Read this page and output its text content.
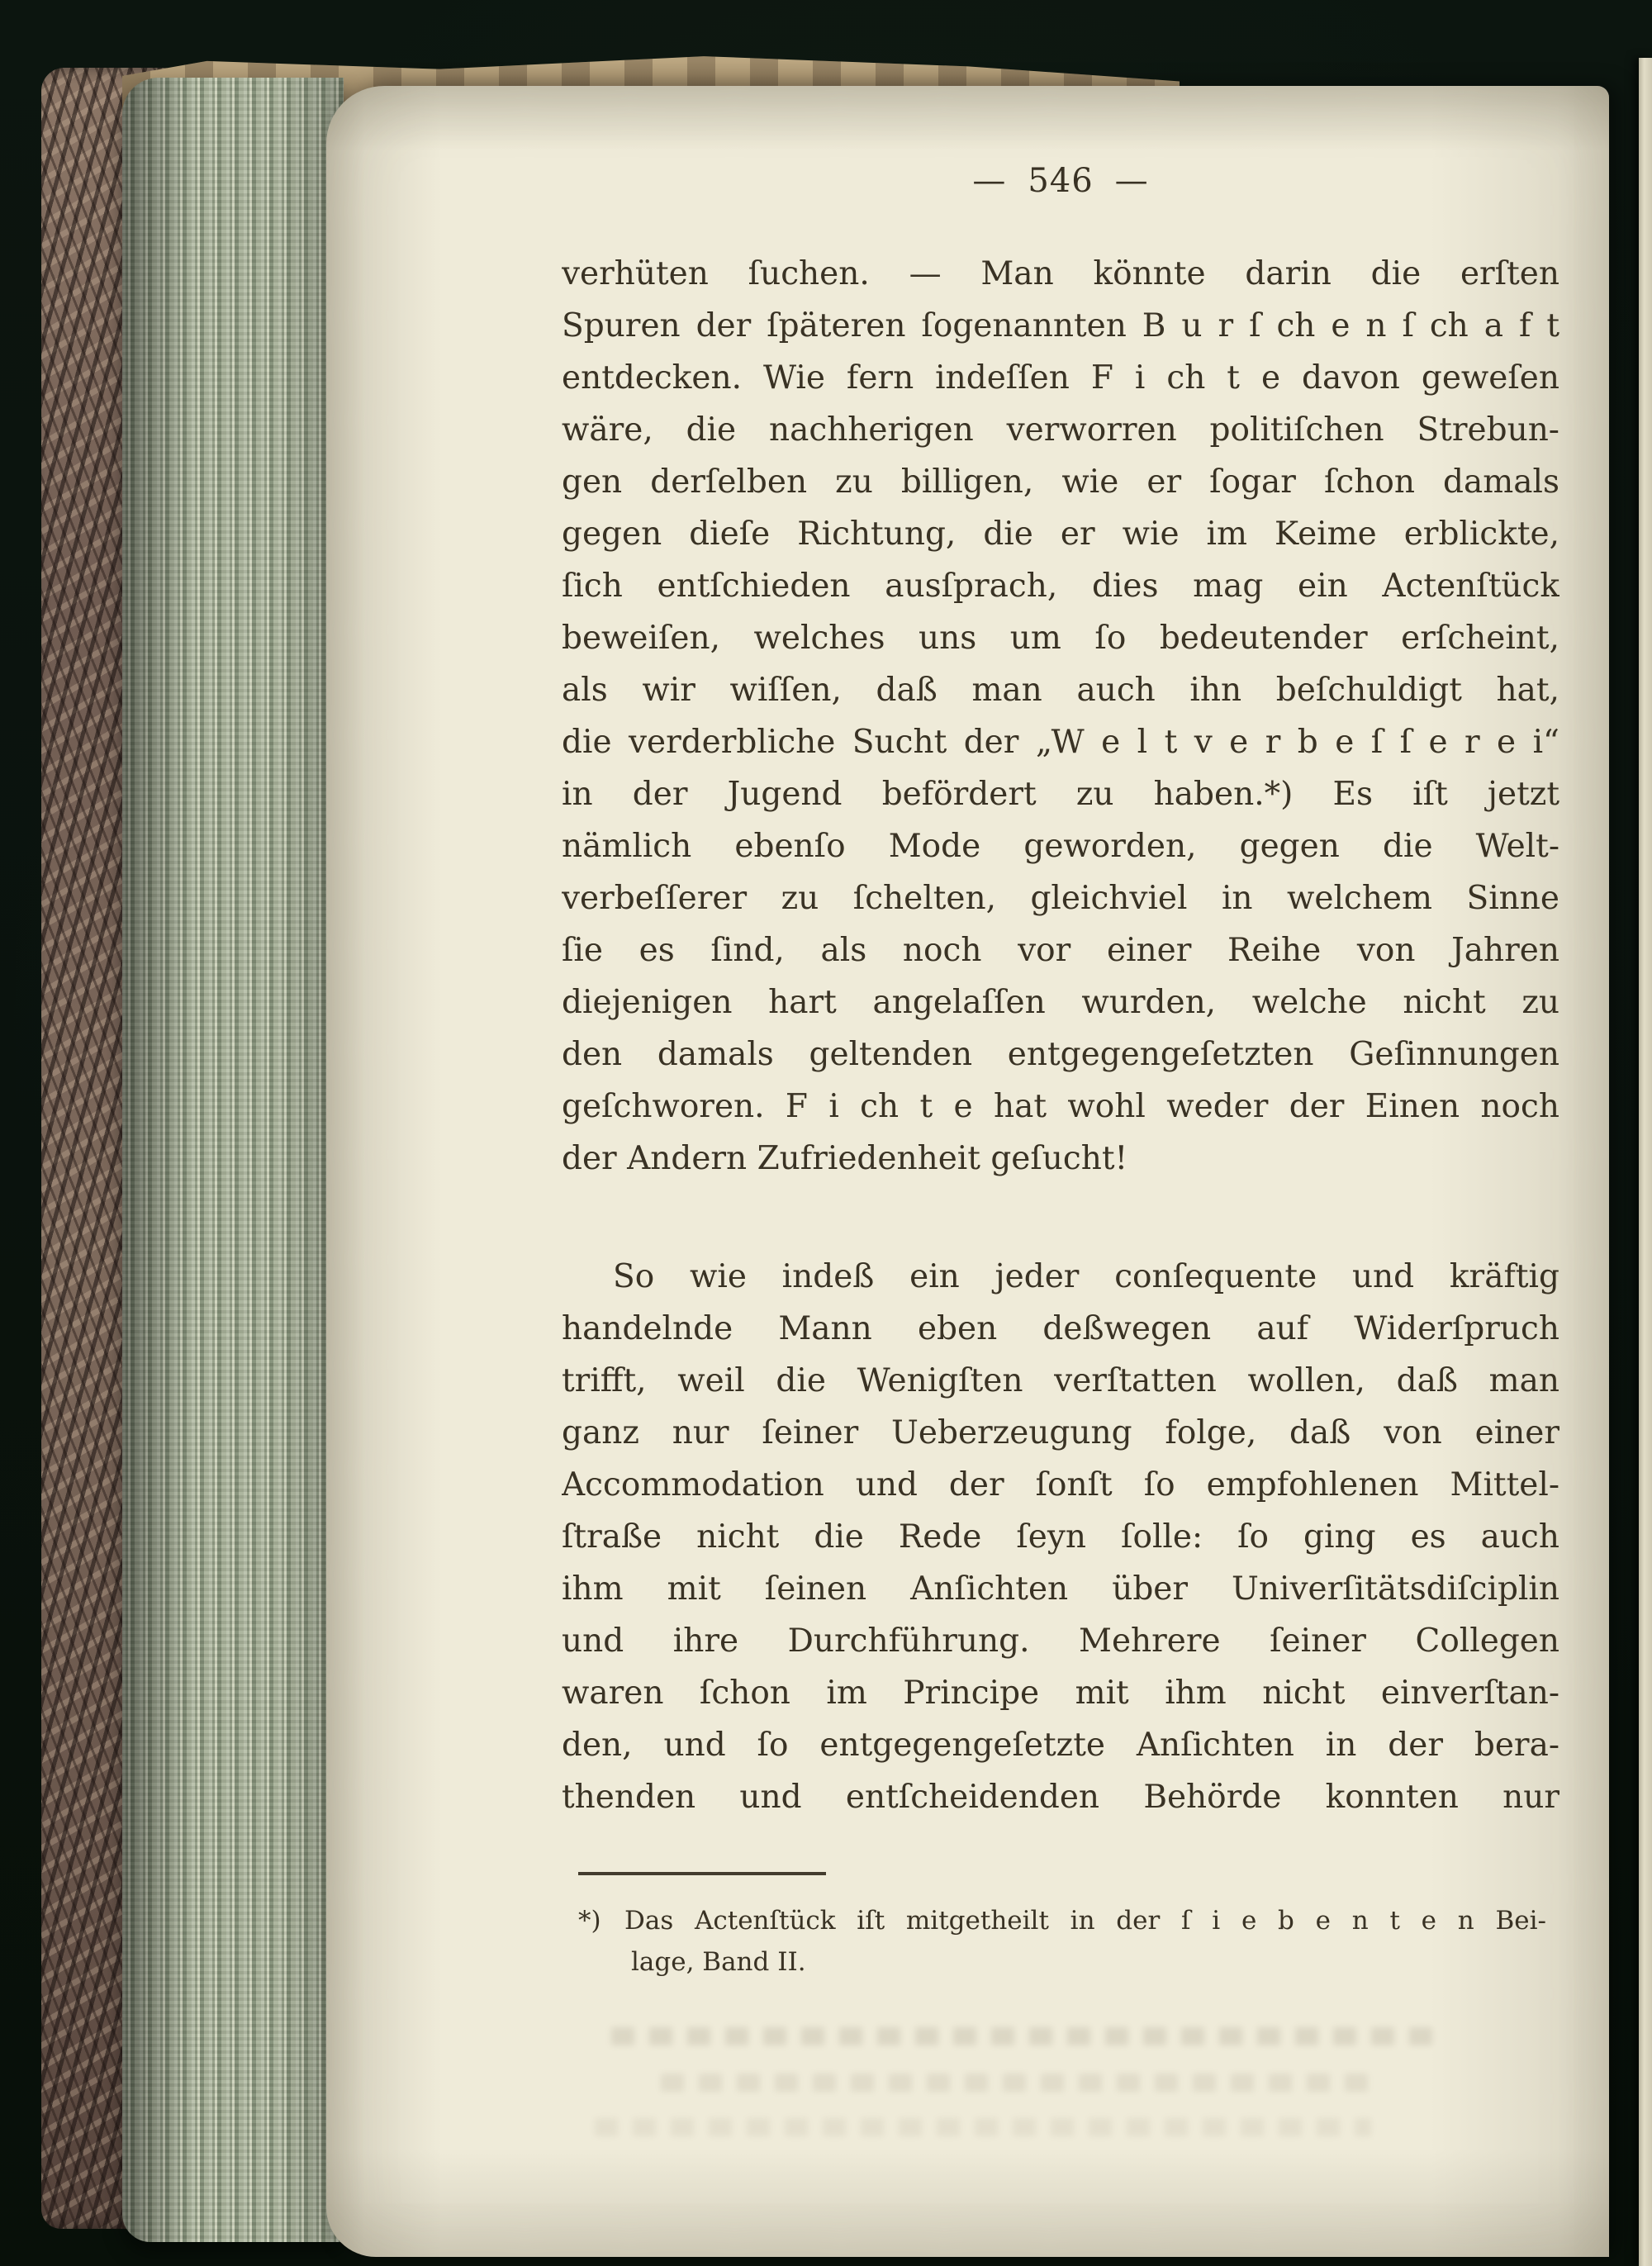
— 546 —
verhüten ſuchen. — Man könnte darin die erſten
Spuren der ſpäteren ſogenannten B u r ſ ch e n ſ ch a f t
entdecken. Wie fern indeſſen F i ch t e davon geweſen
wäre, die nachherigen verworren politiſchen Strebun-
gen derſelben zu billigen, wie er ſogar ſchon damals
gegen dieſe Richtung, die er wie im Keime erblickte,
ſich entſchieden ausſprach, dies mag ein Actenſtück
beweiſen, welches uns um ſo bedeutender erſcheint,
als wir wiſſen, daß man auch ihn beſchuldigt hat,
die verderbliche Sucht der „W e l t v e r b e ſ ſ e r e i“
in der Jugend befördert zu haben.*) Es iſt jetzt
nämlich ebenſo Mode geworden, gegen die Welt-
verbeſſerer zu ſchelten, gleichviel in welchem Sinne
ſie es ſind, als noch vor einer Reihe von Jahren
diejenigen hart angelaſſen wurden, welche nicht zu
den damals geltenden entgegengeſetzten Geſinnungen
geſchworen. F i ch t e hat wohl weder der Einen noch
der Andern Zufriedenheit geſucht!
So wie indeß ein jeder conſequente und kräftig
handelnde Mann eben deßwegen auf Widerſpruch
trifft, weil die Wenigſten verſtatten wollen, daß man
ganz nur ſeiner Ueberzeugung folge, daß von einer
Accommodation und der ſonſt ſo empfohlenen Mittel-
ſtraße nicht die Rede ſeyn ſolle: ſo ging es auch
ihm mit ſeinen Anſichten über Univerſitätsdiſciplin
und ihre Durchführung. Mehrere ſeiner Collegen
waren ſchon im Principe mit ihm nicht einverſtan-
den, und ſo entgegengeſetzte Anſichten in der bera-
thenden und entſcheidenden Behörde konnten nur
*) Das Actenſtück iſt mitgetheilt in der ſ i e b e n t e n Bei-
lage, Band II.
